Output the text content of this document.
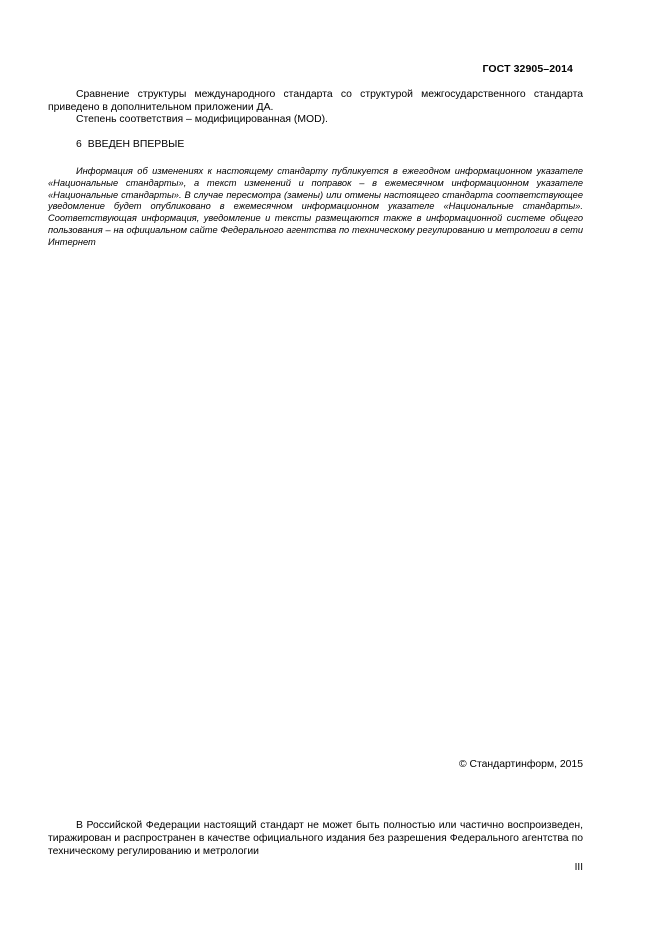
ГОСТ 32905–2014

Сравнение структуры международного стандарта со структурой межгосударственного стандарта приведено в дополнительном приложении ДА.

Степень соответствия – модифицированная (MOD).

6 ВВЕДЕН ВПЕРВЫЕ

Информация об изменениях к настоящему стандарту публикуется в ежегодном информационном указателе «Национальные стандарты», а текст изменений и поправок – в ежемесячном информационном указателе «Национальные стандарты». В случае пересмотра (замены) или отмены настоящего стандарта соответствующее уведомление будет опубликовано в ежемесячном информационном указателе «Национальные стандарты». Соответствующая информация, уведомление и тексты размещаются также в информационной системе общего пользования – на официальном сайте Федерального агентства по техническому регулированию и метрологии в сети Интернет

© Стандартинформ, 2015

В Российской Федерации настоящий стандарт не может быть полностью или частично воспроизведен, тиражирован и распространен в качестве официального издания без разрешения Федерального агентства по техническому регулированию и метрологии

III
